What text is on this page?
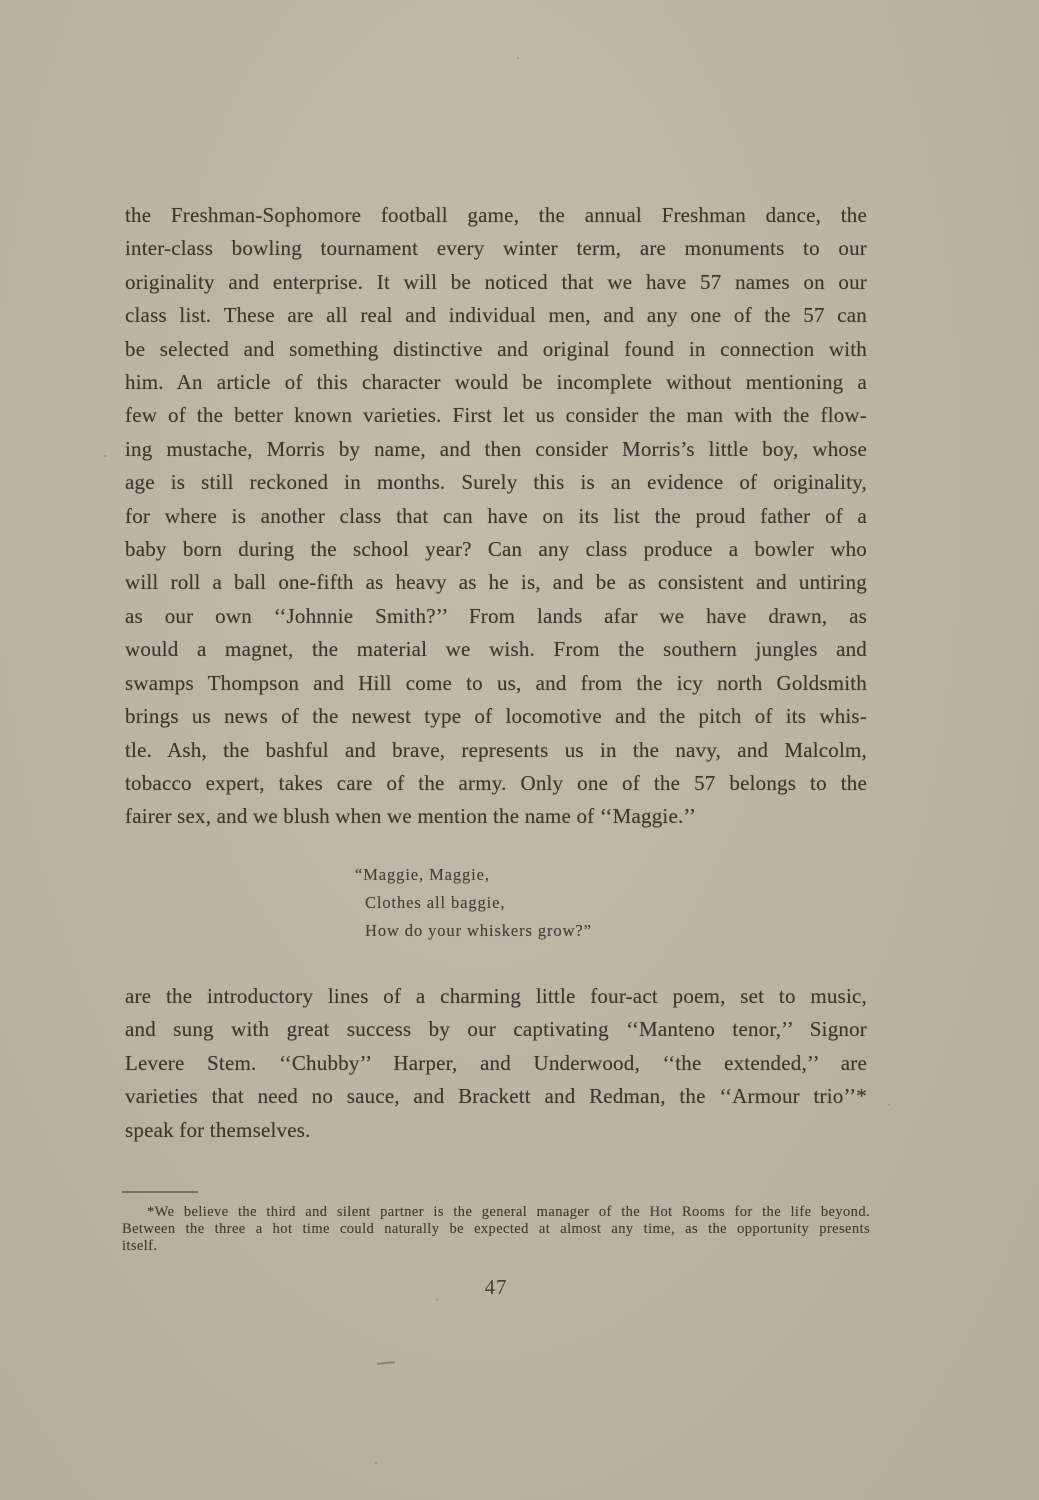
the Freshman-Sophomore football game, the annual Freshman dance, the
inter-class bowling tournament every winter term, are monuments to our
originality and enterprise. It will be noticed that we have 57 names on our
class list. These are all real and individual men, and any one of the 57 can
be selected and something distinctive and original found in connection with
him. An article of this character would be incomplete without mentioning a
few of the better known varieties. First let us consider the man with the flow-
ing mustache, Morris by name, and then consider Morris’s little boy, whose
age is still reckoned in months. Surely this is an evidence of originality,
for where is another class that can have on its list the proud father of a
baby born during the school year? Can any class produce a bowler who
will roll a ball one-fifth as heavy as he is, and be as consistent and untiring
as our own ‘‘Johnnie Smith?’’ From lands afar we have drawn, as
would a magnet, the material we wish. From the southern jungles and
swamps Thompson and Hill come to us, and from the icy north Goldsmith
brings us news of the newest type of locomotive and the pitch of its whis-
tle. Ash, the bashful and brave, represents us in the navy, and Malcolm,
tobacco expert, takes care of the army. Only one of the 57 belongs to the
fairer sex, and we blush when we mention the name of ‘‘Maggie.’’
“Maggie, Maggie,
Clothes all baggie,
How do your whiskers grow?”
are the introductory lines of a charming little four-act poem, set to music,
and sung with great success by our captivating ‘‘Manteno tenor,’’ Signor
Levere Stem. ‘‘Chubby’’ Harper, and Underwood, ‘‘the extended,’’ are
varieties that need no sauce, and Brackett and Redman, the ‘‘Armour trio’’*
speak for themselves.
*We believe the third and silent partner is the general manager of the Hot Rooms for the life beyond.
Between the three a hot time could naturally be expected at almost any time, as the opportunity presents
itself.
47
